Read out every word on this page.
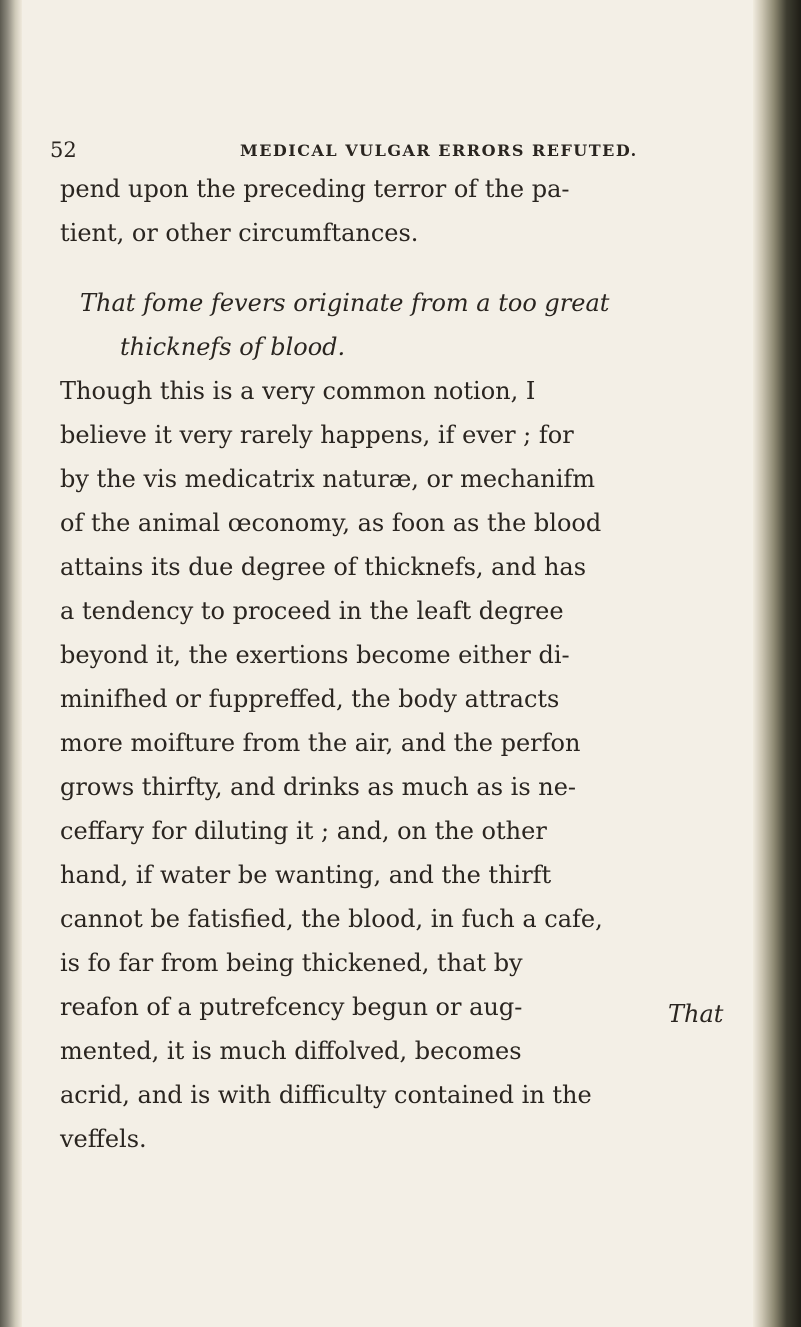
52	MEDICAL VULGAR ERRORS REFUTED.
pend upon the preceding terror of the pa-
tient, or other circumftances.
That fome fevers originate from a too great
thicknefs of blood.
Though this is a very common notion, I
believe it very rarely happens, if ever ; for
by the vis medicatrix naturæ, or mechanifm
of the animal œconomy, as foon as the blood
attains its due degree of thicknefs, and has
a tendency to proceed in the leaft degree
beyond it, the exertions become either di-
minifhed or fuppreffed, the body attracts
more moifture from the air, and the perfon
grows thirfty, and drinks as much as is ne-
ceffary for diluting it ; and, on the other
hand, if water be wanting, and the thirft
cannot be fatisfied, the blood, in fuch a cafe,
is fo far from being thickened, that by
reafon of a putrefcency begun or aug-
mented, it is much diffolved, becomes
acrid, and is with difficulty contained in the
veffels.
That
